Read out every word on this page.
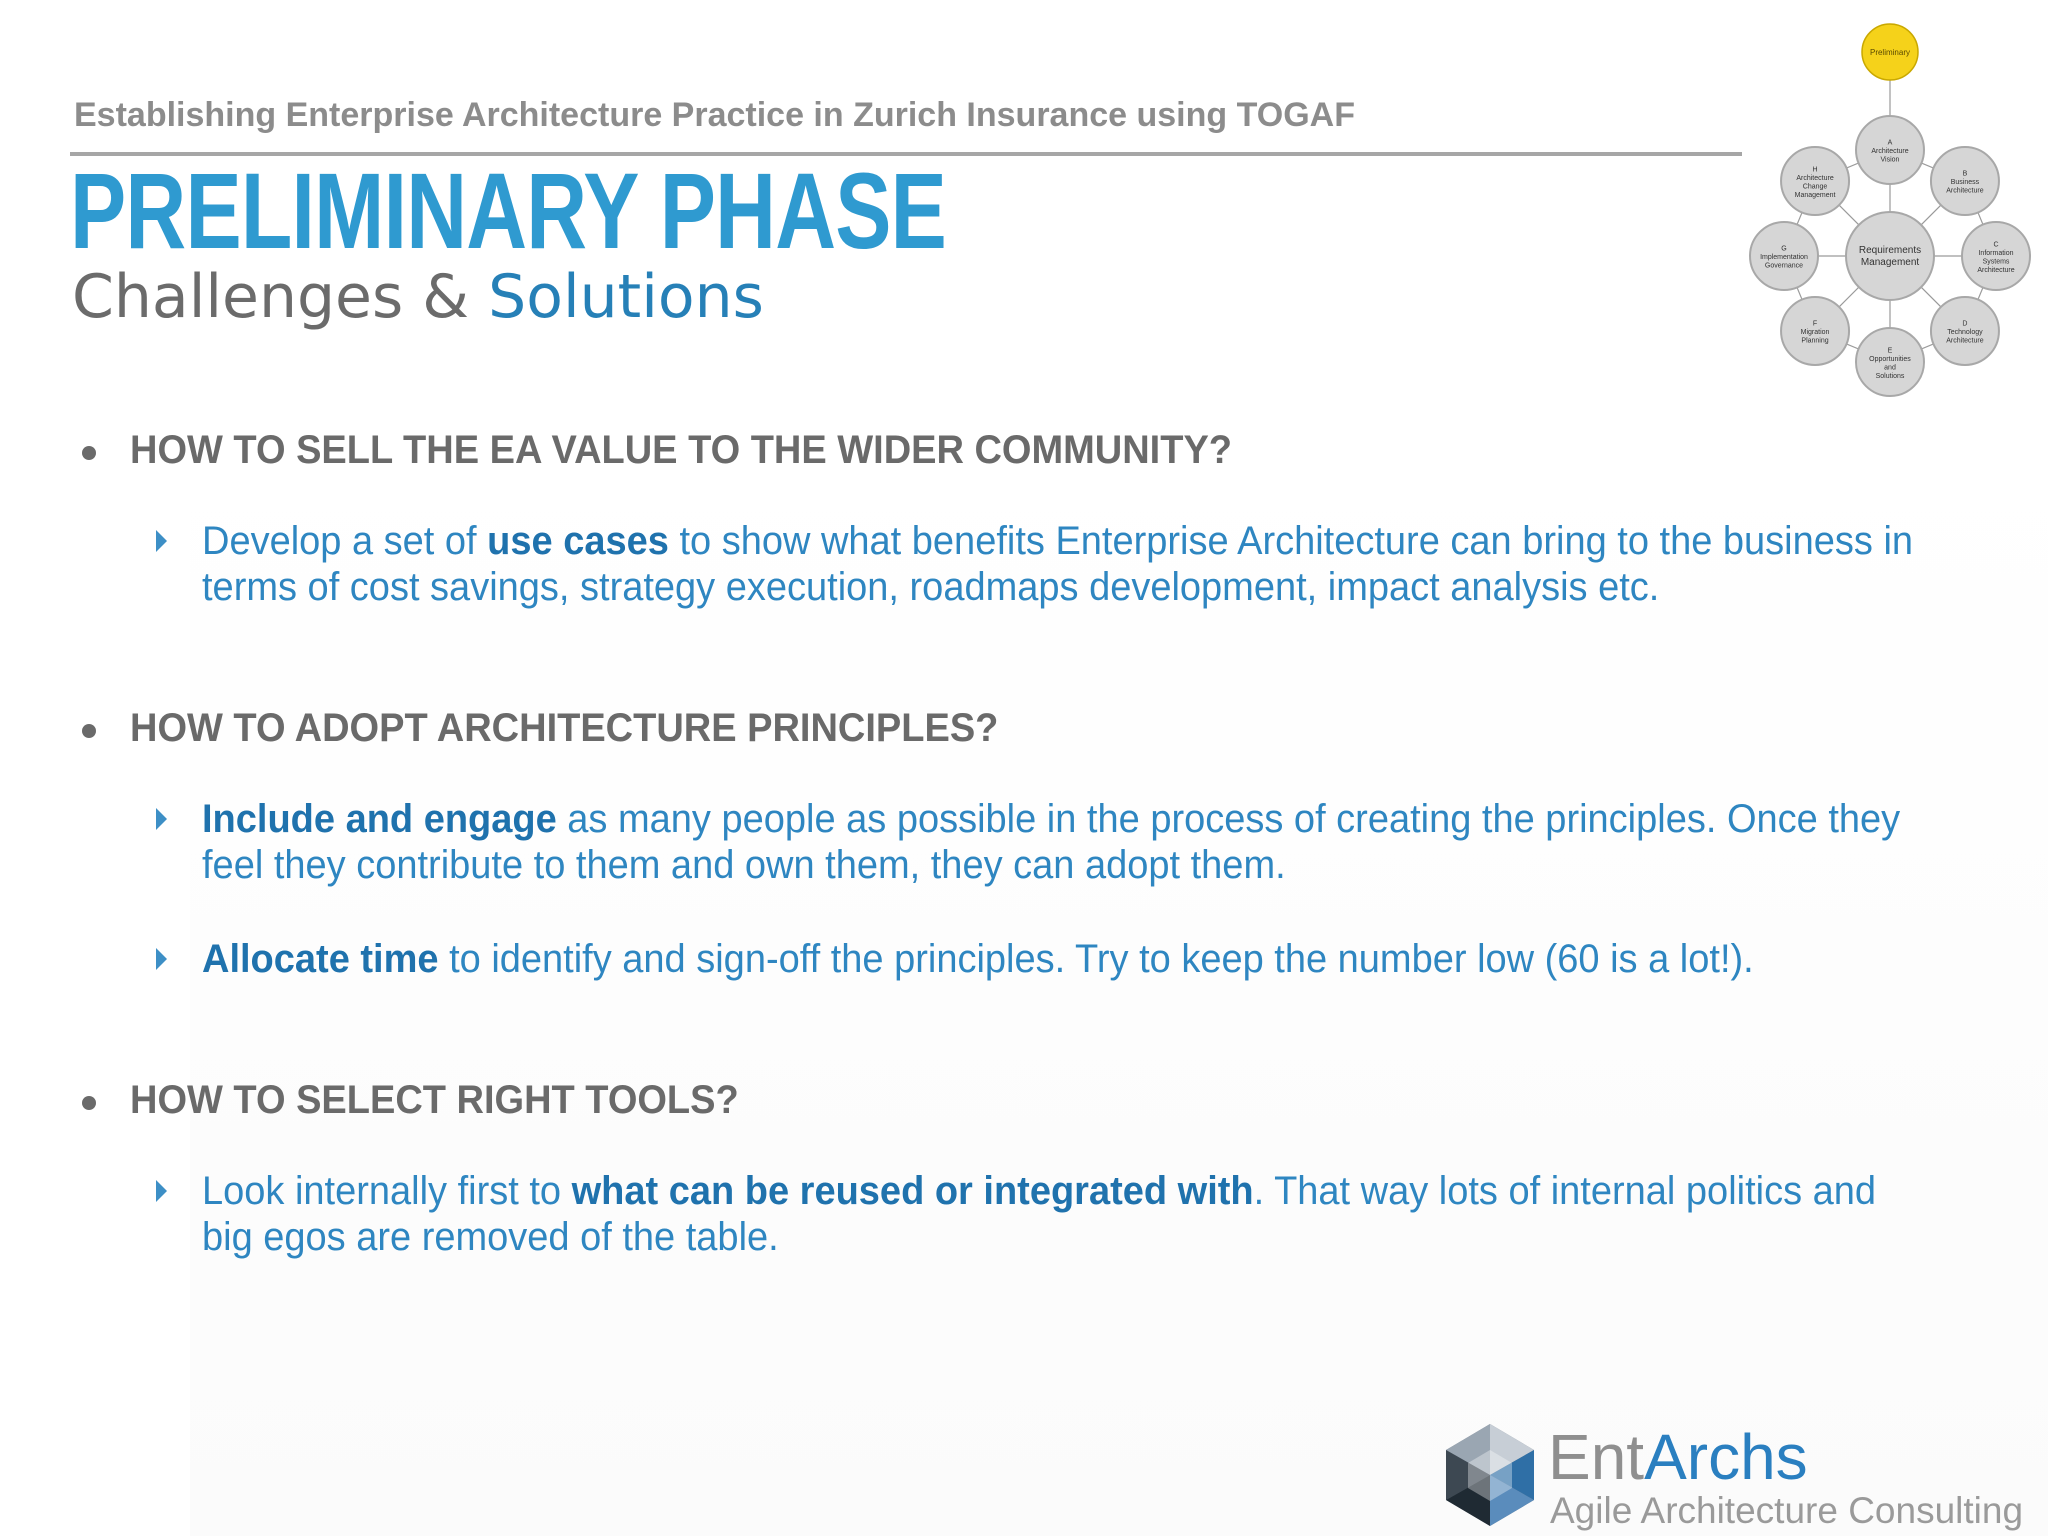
Establishing Enterprise Architecture Practice in Zurich Insurance using TOGAF
PRELIMINARY PHASE
Challenges & Solutions
Preliminary
Requirements
Management
A
Architecture
Vision
B
Business
Architecture
C
Information
Systems
Architecture
D
Technology
Architecture
E
Opportunities
and
Solutions
F
Migration
Planning
G
Implementation
Governance
H
Architecture
Change
Management
HOW TO SELL THE EA VALUE TO THE WIDER COMMUNITY?
Develop a set of use cases to show what benefits Enterprise Architecture can bring to the business in terms of cost savings, strategy execution, roadmaps development, impact analysis etc.
HOW TO ADOPT ARCHITECTURE PRINCIPLES?
Include and engage as many people as possible in the process of creating the principles. Once they feel they contribute to them and own them, they can adopt them.
Allocate time to identify and sign-off the principles. Try to keep the number low (60 is a lot!).
HOW TO SELECT RIGHT TOOLS?
Look internally first to what can be reused or integrated with. That way lots of internal politics and big egos are removed of the table.
EntArchs
Agile Architecture Consulting
